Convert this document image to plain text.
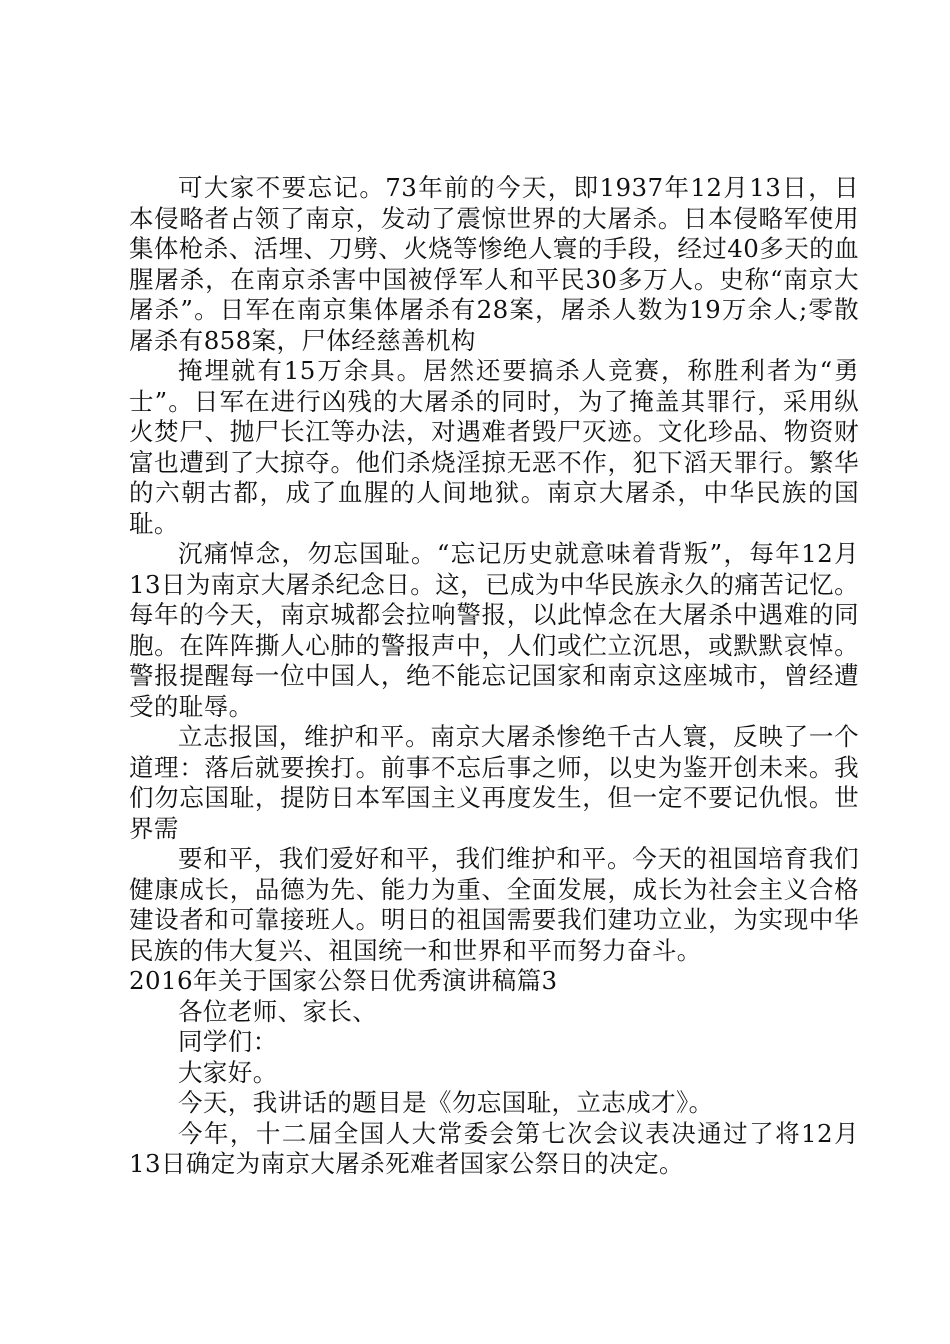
可大家不要忘记。73年前的今天，即1937年12月13日，日本侵略者占领了南京，发动了震惊世界的大屠杀。日本侵略军使用集体枪杀、活埋、刀劈、火烧等惨绝人寰的手段，经过40多天的血腥屠杀，在南京杀害中国被俘军人和平民30多万人。史称“南京大屠杀”。日军在南京集体屠杀有28案，屠杀人数为19万余人;零散屠杀有858案，尸体经慈善机构

掩埋就有15万余具。居然还要搞杀人竞赛，称胜利者为“勇士”。日军在进行凶残的大屠杀的同时，为了掩盖其罪行，采用纵火焚尸、抛尸长江等办法，对遇难者毁尸灭迹。文化珍品、物资财富也遭到了大掠夺。他们杀烧淫掠无恶不作，犯下滔天罪行。繁华的六朝古都，成了血腥的人间地狱。南京大屠杀，中华民族的国耻。

沉痛悼念，勿忘国耻。“忘记历史就意味着背叛”，每年12月13日为南京大屠杀纪念日。这，已成为中华民族永久的痛苦记忆。每年的今天，南京城都会拉响警报，以此悼念在大屠杀中遇难的同胞。在阵阵撕人心肺的警报声中，人们或伫立沉思，或默默哀悼。警报提醒每一位中国人，绝不能忘记国家和南京这座城市，曾经遭受的耻辱。

立志报国，维护和平。南京大屠杀惨绝千古人寰，反映了一个道理：落后就要挨打。前事不忘后事之师，以史为鉴开创未来。我们勿忘国耻，提防日本军国主义再度发生，但一定不要记仇恨。世界需

要和平，我们爱好和平，我们维护和平。今天的祖国培育我们健康成长，品德为先、能力为重、全面发展，成长为社会主义合格建设者和可靠接班人。明日的祖国需要我们建功立业，为实现中华民族的伟大复兴、祖国统一和世界和平而努力奋斗。

2016年关于国家公祭日优秀演讲稿篇3

各位老师、家长、

同学们：

大家好。

今天，我讲话的题目是《勿忘国耻，立志成才》。

今年，十二届全国人大常委会第七次会议表决通过了将12月13日确定为南京大屠杀死难者国家公祭日的决定。
